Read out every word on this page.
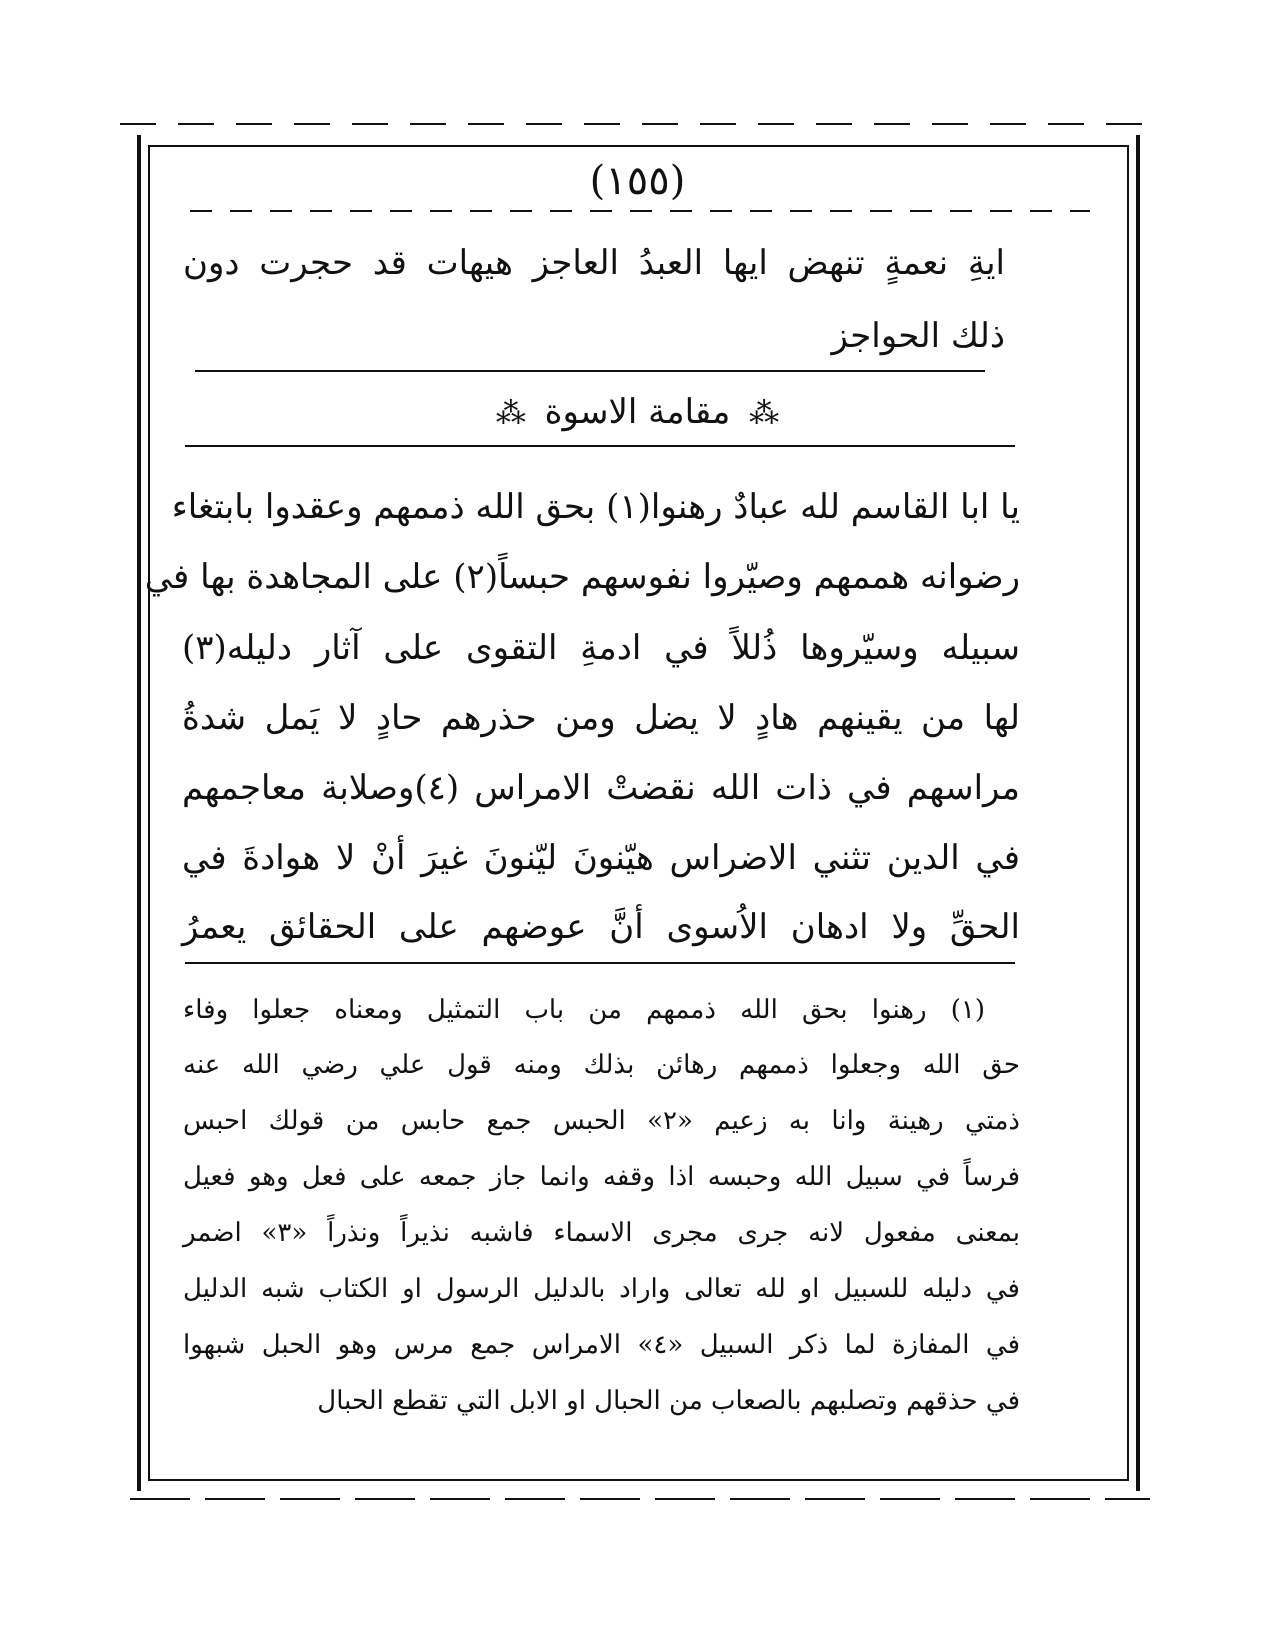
(١٥٥)
ايةِ نعمةٍ تنهض ايها العبدُ العاجز هيهات قد حجرت دون
ذلك الحواجز
⁂ مقامة الاسوة ⁂
يا ابا القاسم لله عبادٌ رهنوا(١) بحق الله ذممهم وعقدوا بابتغاء
رضوانه هممهم وصيّروا نفوسهم حبساً(٢) على المجاهدة بها في
سبيله وسيّروها ذُللاً في ادمةِ التقوى على آثار دليله(٣)
لها من يقينهم هادٍ لا يضل ومن حذرهم حادٍ لا يَمل شدةُ
مراسهم في ذات الله نقضتْ الامراس (٤)وصلابة معاجمهم
في الدين تثني الاضراس هيّنونَ ليّنونَ غيرَ أنْ لا هوادةَ في
الحقِّ ولا ادهان الاُسوى أنَّ عوضهم على الحقائق يعمرُ
(١) رهنوا بحق الله ذممهم من باب التمثيل ومعناه جعلوا وفاء
حق الله وجعلوا ذممهم رهائن بذلك ومنه قول علي رضي الله عنه
ذمتي رهينة وانا به زعيم «٢» الحبس جمع حابس من قولك احبس
فرساً في سبيل الله وحبسه اذا وقفه وانما جاز جمعه على فعل وهو فعيل
بمعنى مفعول لانه جرى مجرى الاسماء فاشبه نذيراً ونذراً «٣» اضمر
في دليله للسبيل او لله تعالى واراد بالدليل الرسول او الكتاب شبه الدليل
في المفازة لما ذكر السبيل «٤» الامراس جمع مرس وهو الحبل شبهوا
في حذقهم وتصلبهم بالصعاب من الحبال او الابل التي تقطع الحبال
